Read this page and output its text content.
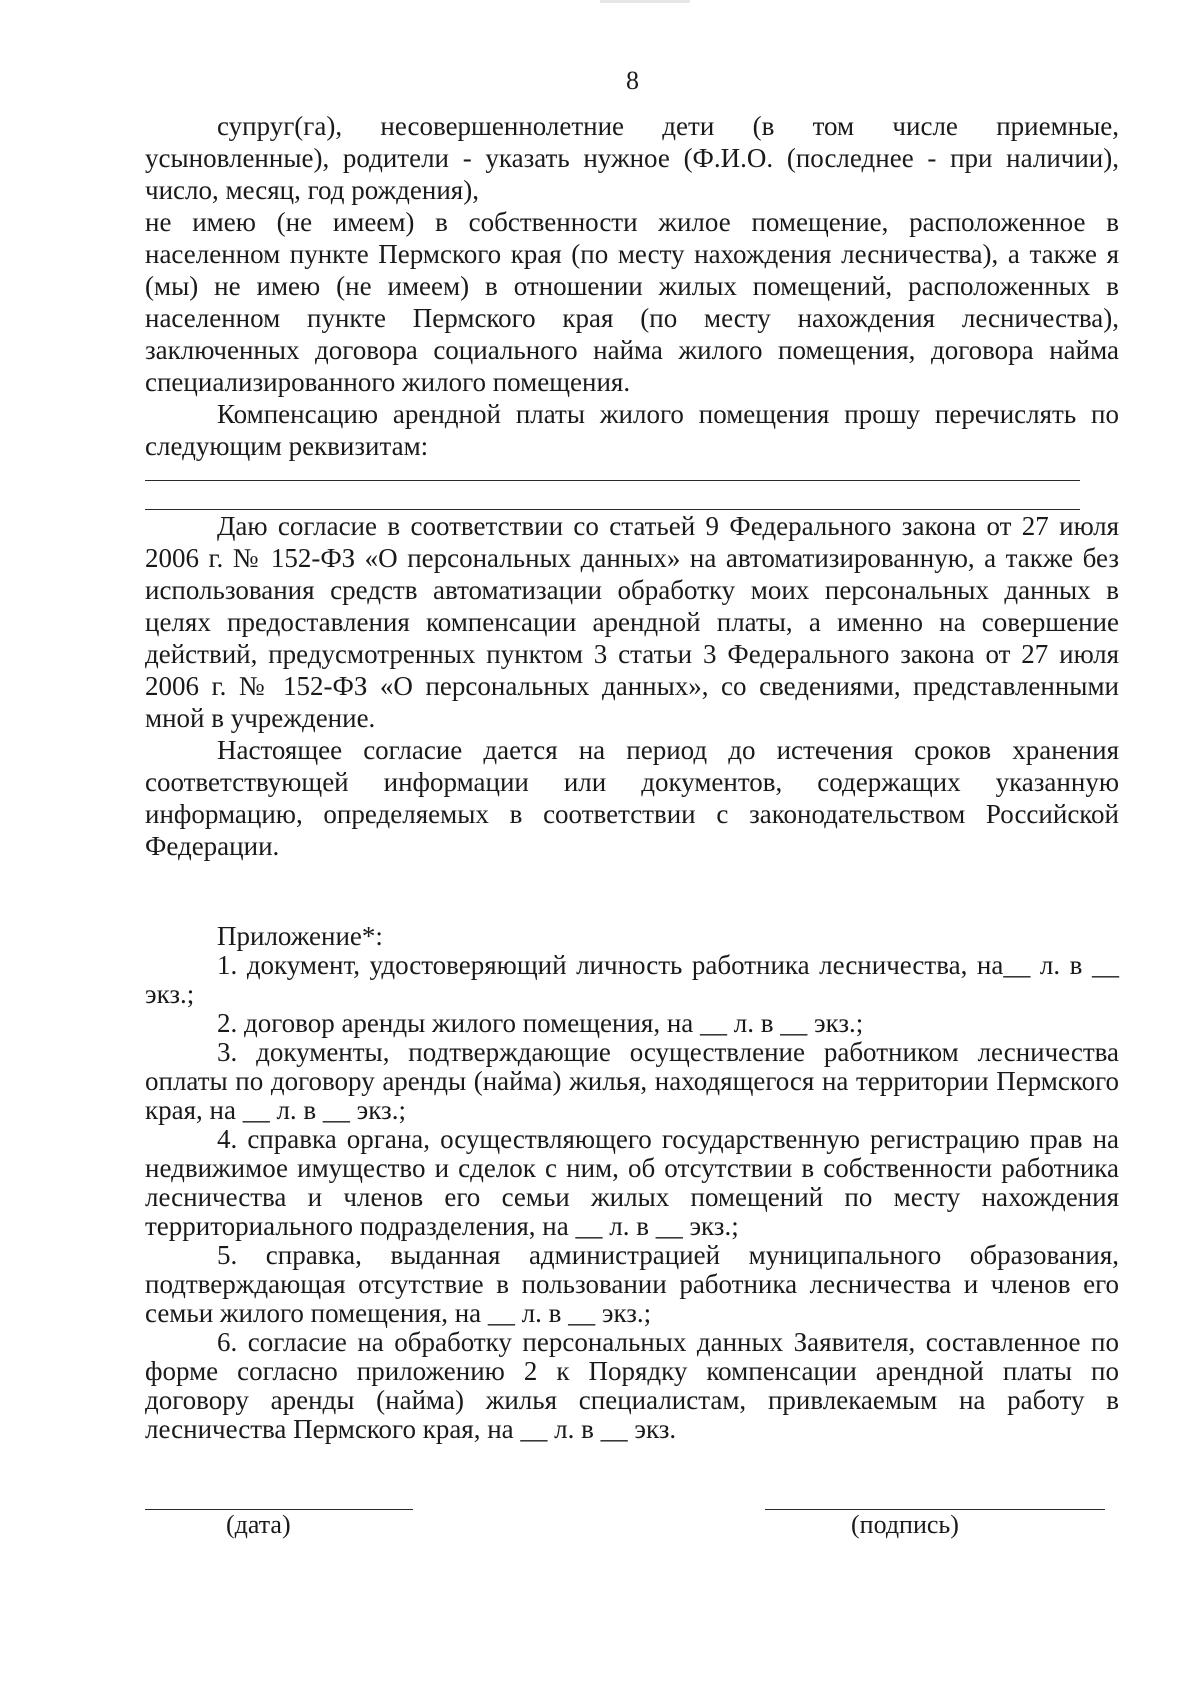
8

супруг(га), несовершеннолетние дети (в том числе приемные, усыновленные), родители - указать нужное (Ф.И.О. (последнее - при наличии), число, месяц, год рождения),

не имею (не имеем) в собственности жилое помещение, расположенное в населенном пункте Пермского края (по месту нахождения лесничества), а также я (мы) не имею (не имеем) в отношении жилых помещений, расположенных в населенном пункте Пермского края (по месту нахождения лесничества), заключенных договора социального найма жилого помещения, договора найма специализированного жилого помещения.

Компенсацию арендной платы жилого помещения прошу перечислять по следующим реквизитам:

Даю согласие в соответствии со статьей 9 Федерального закона от 27 июля 2006 г. № 152-ФЗ «О персональных данных» на автоматизированную, а также без использования средств автоматизации обработку моих персональных данных в целях предоставления компенсации арендной платы, а именно на совершение действий, предусмотренных пунктом 3 статьи 3 Федерального закона от 27 июля 2006 г. № 152-ФЗ «О персональных данных», со сведениями, представленными мной в учреждение.

Настоящее согласие дается на период до истечения сроков хранения соответствующей информации или документов, содержащих указанную информацию, определяемых в соответствии с законодательством Российской Федерации.

Приложение*:

1. документ, удостоверяющий личность работника лесничества, на__ л. в __ экз.;

2. договор аренды жилого помещения, на __ л. в __ экз.;

3. документы, подтверждающие осуществление работником лесничества оплаты по договору аренды (найма) жилья, находящегося на территории Пермского края, на __ л. в __ экз.;

4. справка органа, осуществляющего государственную регистрацию прав на недвижимое имущество и сделок с ним, об отсутствии в собственности работника лесничества и членов его семьи жилых помещений по месту нахождения территориального подразделения, на __ л. в __ экз.;

5. справка, выданная администрацией муниципального образования, подтверждающая отсутствие в пользовании работника лесничества и членов его семьи жилого помещения, на __ л. в __ экз.;

6. согласие на обработку персональных данных Заявителя, составленное по форме согласно приложению 2 к Порядку компенсации арендной платы по договору аренды (найма) жилья специалистам, привлекаемым на работу в лесничества Пермского края, на __ л. в __ экз.

(дата)	(подпись)
